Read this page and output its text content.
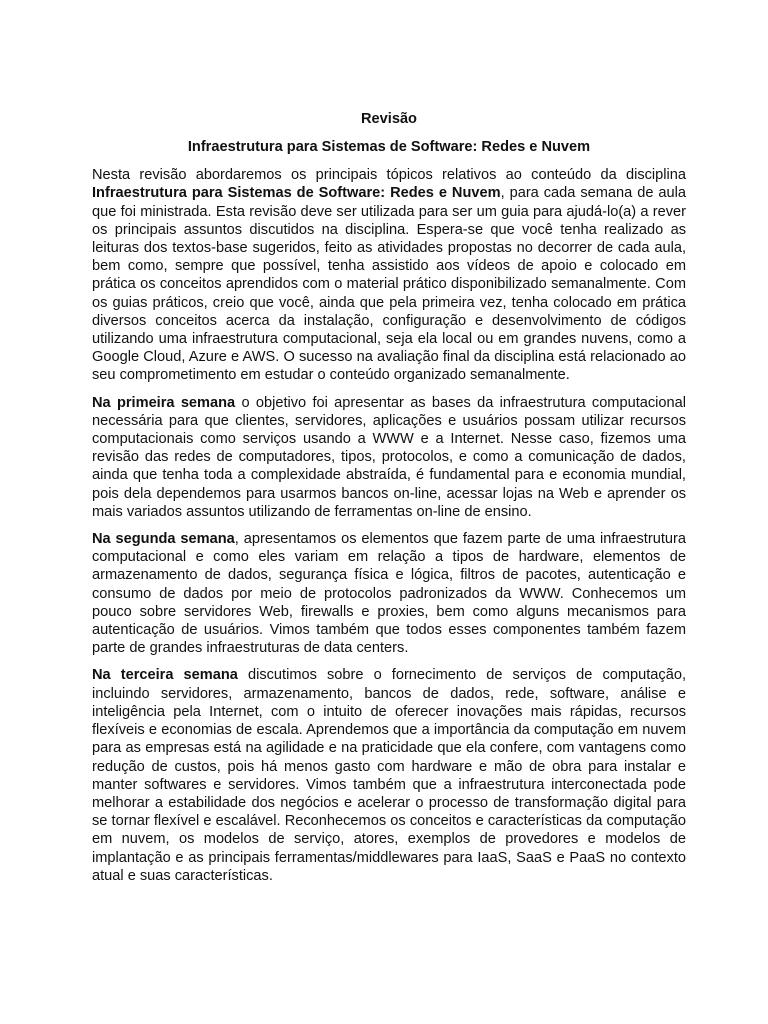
Revisão
Infraestrutura para Sistemas de Software: Redes e Nuvem

Nesta revisão abordaremos os principais tópicos relativos ao conteúdo da disciplina Infraestrutura para Sistemas de Software: Redes e Nuvem, para cada semana de aula que foi ministrada. Esta revisão deve ser utilizada para ser um guia para ajudá-lo(a) a rever os principais assuntos discutidos na disciplina. Espera-se que você tenha realizado as leituras dos textos-base sugeridos, feito as atividades propostas no decorrer de cada aula, bem como, sempre que possível, tenha assistido aos vídeos de apoio e colocado em prática os conceitos aprendidos com o material prático disponibilizado semanalmente. Com os guias práticos, creio que você, ainda que pela primeira vez, tenha colocado em prática diversos conceitos acerca da instalação, configuração e desenvolvimento de códigos utilizando uma infraestrutura computacional, seja ela local ou em grandes nuvens, como a Google Cloud, Azure e AWS. O sucesso na avaliação final da disciplina está relacionado ao seu comprometimento em estudar o conteúdo organizado semanalmente.

Na primeira semana o objetivo foi apresentar as bases da infraestrutura computacional necessária para que clientes, servidores, aplicações e usuários possam utilizar recursos computacionais como serviços usando a WWW e a Internet. Nesse caso, fizemos uma revisão das redes de computadores, tipos, protocolos, e como a comunicação de dados, ainda que tenha toda a complexidade abstraída, é fundamental para e economia mundial, pois dela dependemos para usarmos bancos on-line, acessar lojas na Web e aprender os mais variados assuntos utilizando de ferramentas on-line de ensino.

Na segunda semana, apresentamos os elementos que fazem parte de uma infraestrutura computacional e como eles variam em relação a tipos de hardware, elementos de armazenamento de dados, segurança física e lógica, filtros de pacotes, autenticação e consumo de dados por meio de protocolos padronizados da WWW. Conhecemos um pouco sobre servidores Web, firewalls e proxies, bem como alguns mecanismos para autenticação de usuários. Vimos também que todos esses componentes também fazem parte de grandes infraestruturas de data centers.

Na terceira semana discutimos sobre o fornecimento de serviços de computação, incluindo servidores, armazenamento, bancos de dados, rede, software, análise e inteligência pela Internet, com o intuito de oferecer inovações mais rápidas, recursos flexíveis e economias de escala. Aprendemos que a importância da computação em nuvem para as empresas está na agilidade e na praticidade que ela confere, com vantagens como redução de custos, pois há menos gasto com hardware e mão de obra para instalar e manter softwares e servidores. Vimos também que a infraestrutura interconectada pode melhorar a estabilidade dos negócios e acelerar o processo de transformação digital para se tornar flexível e escalável. Reconhecemos os conceitos e características da computação em nuvem, os modelos de serviço, atores, exemplos de provedores e modelos de implantação e as principais ferramentas/middlewares para IaaS, SaaS e PaaS no contexto atual e suas características.
